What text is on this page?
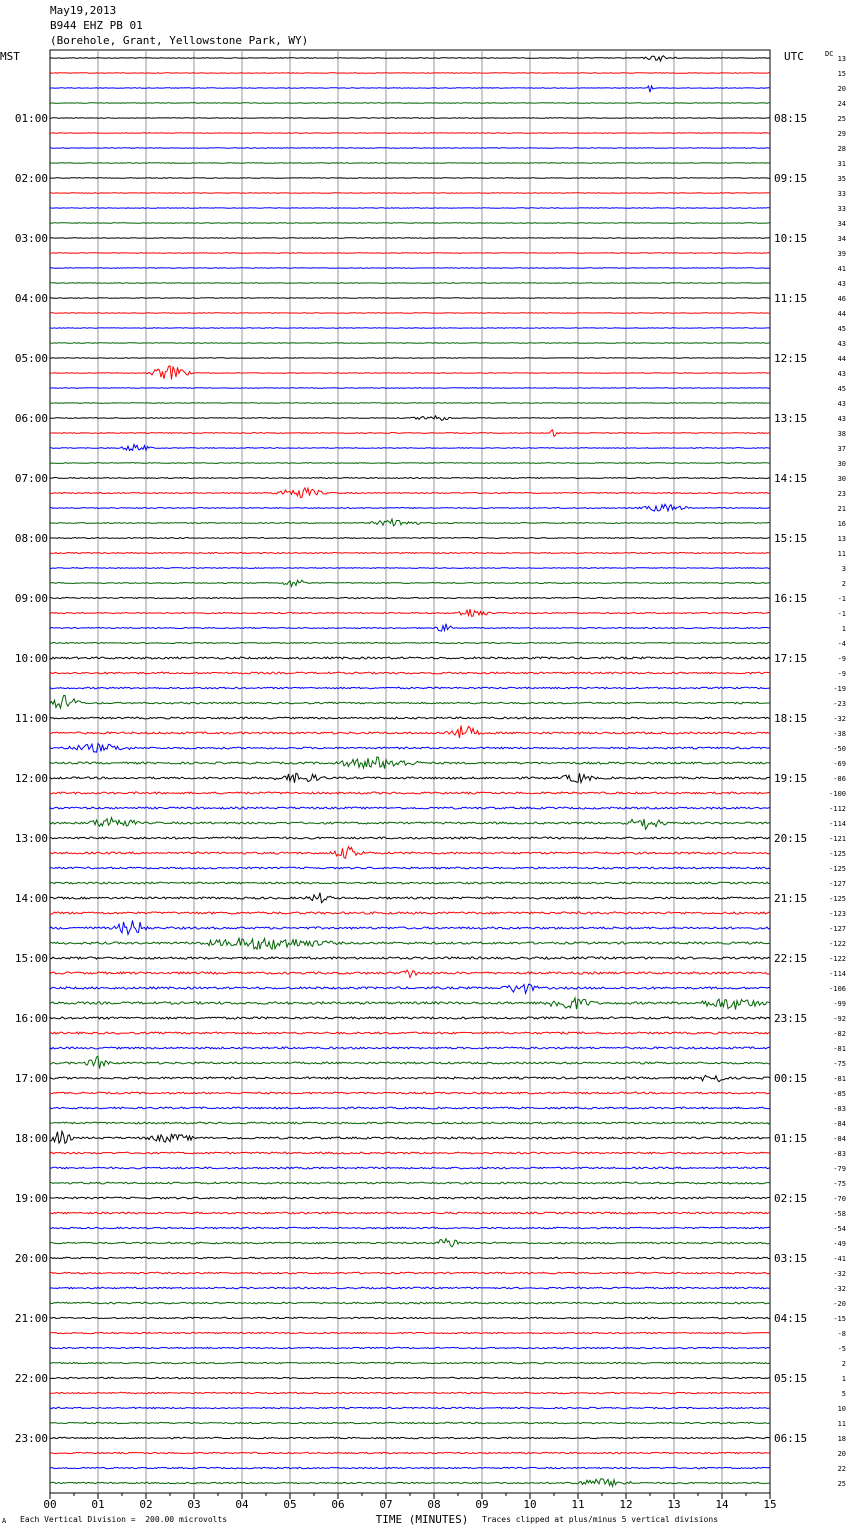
May19,2013
B944 EHZ PB 01
(Borehole, Grant, Yellowstone Park, WY)
00	01	02	03	04	05	06	07	08	09	10	11	12	13	14	15
MST	UTC	DC
TIME (MINUTES)
01:00
02:00
03:00
04:00
05:00
06:00
07:00
08:00
09:00
10:00
11:00
12:00
13:00
14:00
15:00
16:00
17:00
18:00
19:00
20:00
21:00
22:00
23:00
08:15
09:15
10:15
11:15
12:15
13:15
14:15
15:15
16:15
17:15
18:15
19:15
20:15
21:15
22:15
23:15
00:15
01:15
02:15
03:15
04:15
05:15
06:15
13
15
20
24
25
29
28
31
35
33
33
34
34
39
41
43
46
44
45
43
44
43
45
43
43
38
37
30
30
23
21
16
13
11
3
2
-1
-1
1
-4
-9
-9
-19
-23
-32
-38
-50
-69
-86
-100
-112
-114
-121
-125
-125
-127
-125
-123
-127
-122
-122
-114
-106
-99
-92
-82
-81
-75
-81
-85
-83
-84
-84
-83
-79
-75
-70
-58
-54
-49
-41
-32
-32
-20
-15
-8
-5
2
1
5
10
11
18
20
22
25
A Each Vertical Division =  200.00 microvolts	Traces clipped at plus/minus 5 vertical divisions
